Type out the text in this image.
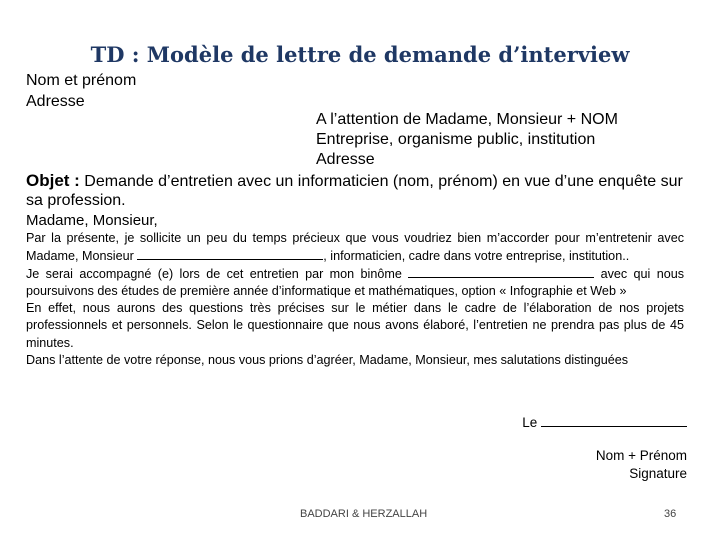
TD : Modèle de lettre de demande d’interview
Nom et prénom
Adresse
A l’attention de Madame, Monsieur + NOM
Entreprise, organisme public, institution
Adresse
Objet : Demande d’entretien avec un informaticien (nom, prénom) en vue d’une enquête sur sa profession.
Madame, Monsieur,

Par la présente, je sollicite un peu du temps précieux que vous voudriez bien m’accorder pour m’entretenir avec Madame, Monsieur	, informaticien, cadre dans votre entreprise, institution..

Je serai accompagné (e) lors de cet entretien par mon binôme	avec qui nous poursuivons des études de première année d’informatique et mathématiques, option « Infographie et Web »

En effet, nous aurons des questions très précises sur le métier dans le cadre de l’élaboration de nos projets professionnels et personnels. Selon le questionnaire que nous avons élaboré, l’entretien ne prendra pas plus de 45 minutes.

Dans l’attente de votre réponse, nous vous prions d’agréer, Madame, Monsieur, mes salutations distinguées

Le
Nom + Prénom
Signature
BADDARI & HERZALLAH	36
